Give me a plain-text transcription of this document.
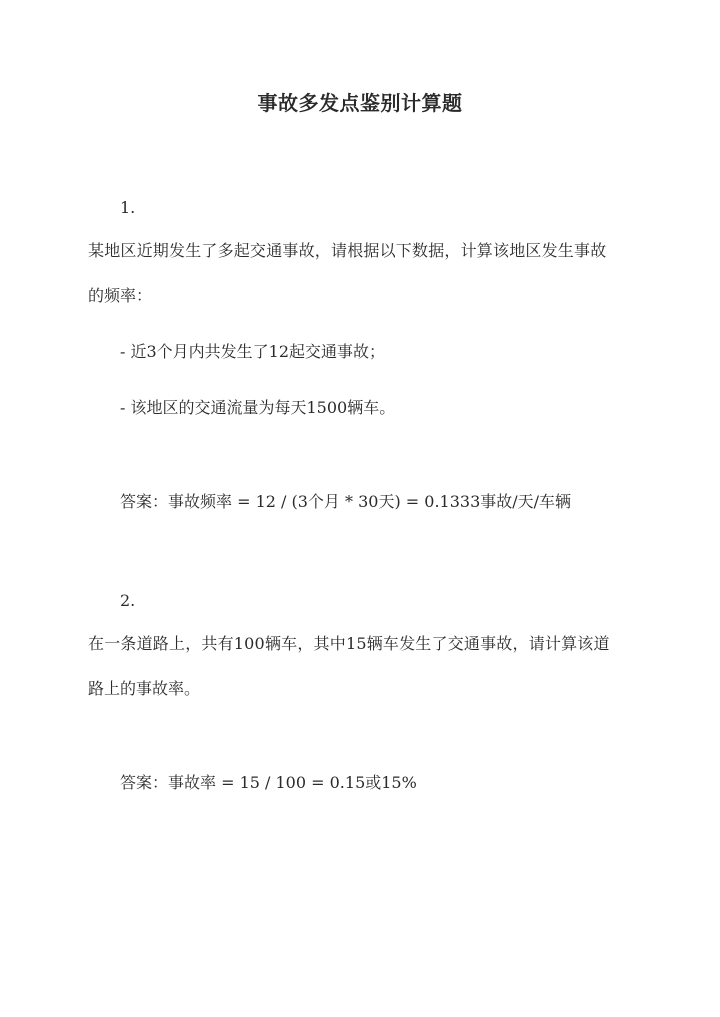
事故多发点鉴别计算题
1.
某地区近期发生了多起交通事故，请根据以下数据，计算该地区发生事故
的频率：
- 近3个月内共发生了12起交通事故；
- 该地区的交通流量为每天1500辆车。
答案：事故频率 = 12 / (3个月 * 30天) = 0.1333事故/天/车辆
2.
在一条道路上，共有100辆车，其中15辆车发生了交通事故，请计算该道
路上的事故率。
答案：事故率 = 15 / 100 = 0.15或15%
